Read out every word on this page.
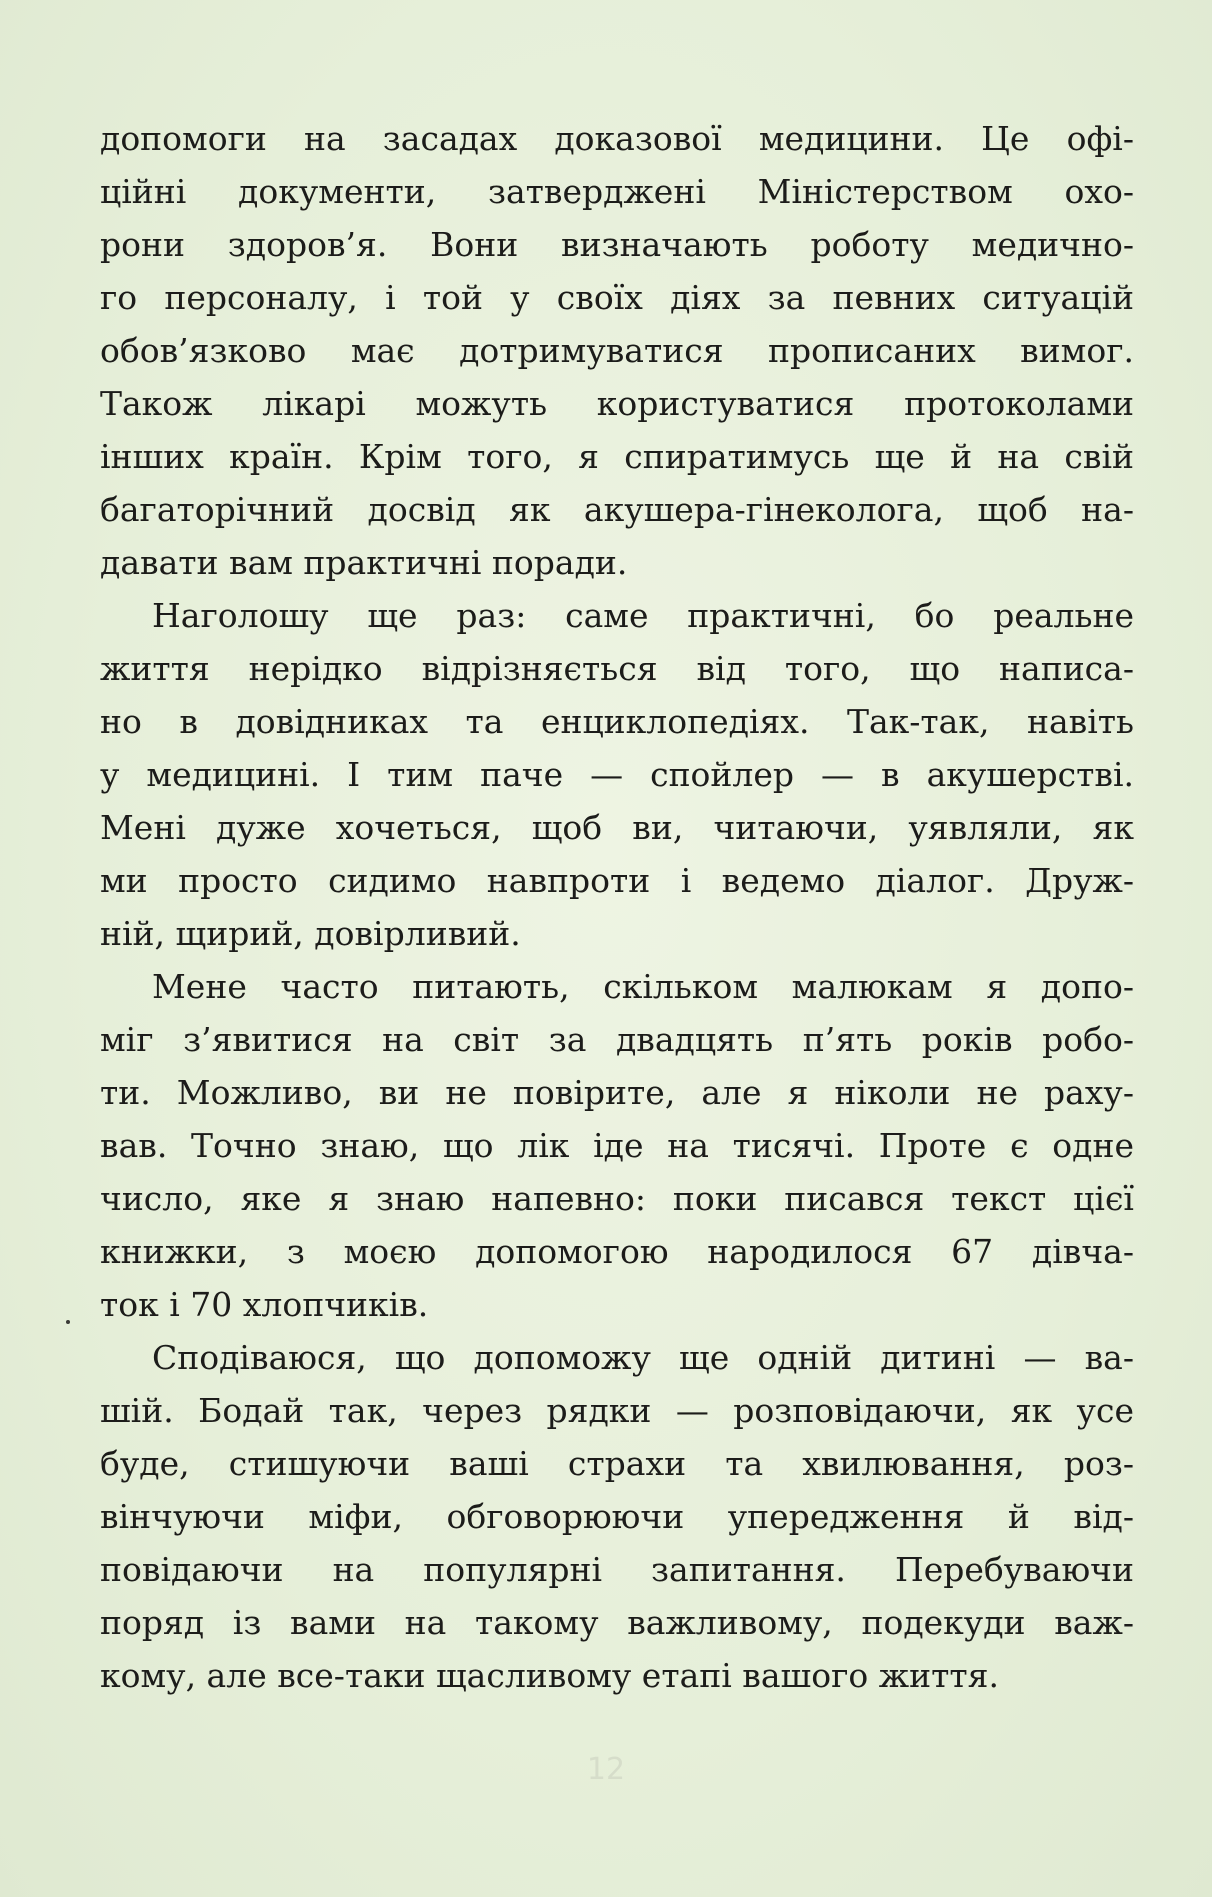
допомоги на засадах доказової медицини. Це офі-
ційні документи, затверджені Міністерством охо-
рони здоров’я. Вони визначають роботу медично-
го персоналу, і той у своїх діях за певних ситуацій
обов’язково має дотримуватися прописаних вимог.
Також лікарі можуть користуватися протоколами
інших країн. Крім того, я спиратимусь ще й на свій
багаторічний досвід як акушера-гінеколога, щоб на-
давати вам практичні поради.
Наголошу ще раз: саме практичні, бо реальне
життя нерідко відрізняється від того, що написа-
но в довідниках та енциклопедіях. Так-так, навіть
у медицині. І тим паче — спойлер — в акушерстві.
Мені дуже хочеться, щоб ви, читаючи, уявляли, як
ми просто сидимо навпроти і ведемо діалог. Друж-
ній, щирий, довірливий.
Мене часто питають, скільком малюкам я допо-
міг з’явитися на світ за двадцять п’ять років робо-
ти. Можливо, ви не повірите, але я ніколи не раху-
вав. Точно знаю, що лік іде на тисячі. Проте є одне
число, яке я знаю напевно: поки писався текст цієї
книжки, з моєю допомогою народилося 67 дівча-
ток і 70 хлопчиків.
Сподіваюся, що допоможу ще одній дитині — ва-
шій. Бодай так, через рядки — розповідаючи, як усе
буде, стишуючи ваші страхи та хвилювання, роз-
вінчуючи міфи, обговорюючи упередження й від-
повідаючи на популярні запитання. Перебуваючи
поряд із вами на такому важливому, подекуди важ-
кому, але все-таки щасливому етапі вашого життя.
12
